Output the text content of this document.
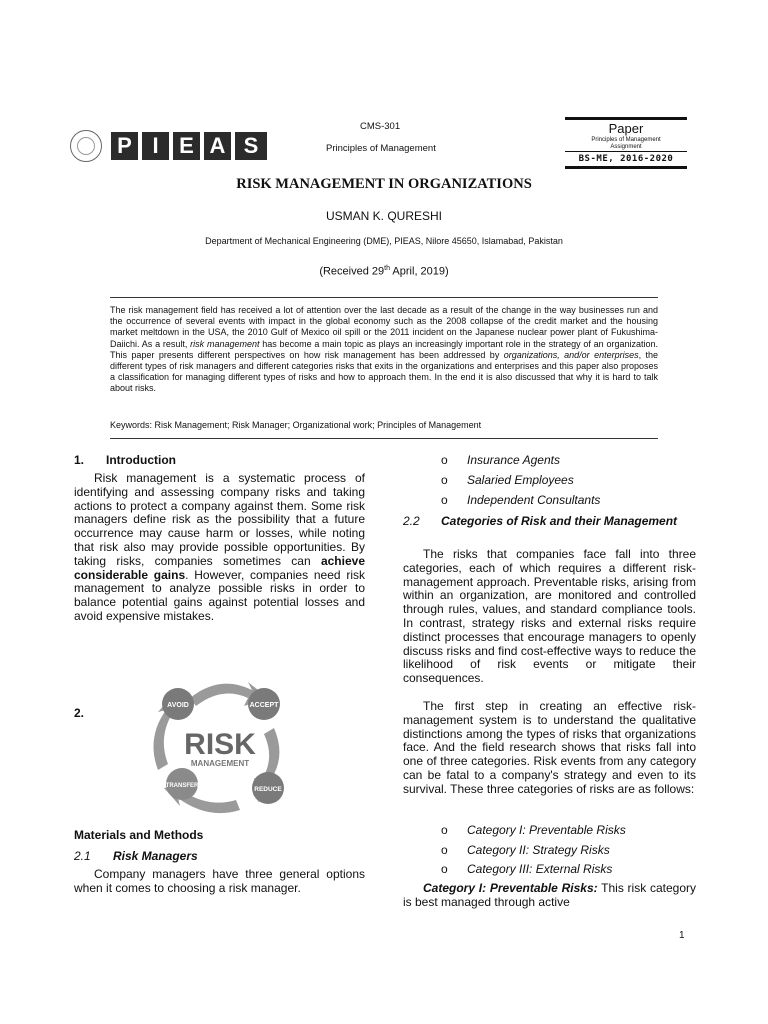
P I E A S
CMS-301
Principles of Management
Paper
Principles of Management
Assignment
BS-ME, 2016-2020
RISK MANAGEMENT IN ORGANIZATIONS
USMAN K. QURESHI
Department of Mechanical Engineering (DME), PIEAS, Nilore 45650, Islamabad, Pakistan
(Received 29th April, 2019)
The risk management field has received a lot of attention over the last decade as a result of the change in the way businesses run and the occurrence of several events with impact in the global economy such as the 2008 collapse of the credit market and the housing market meltdown in the USA, the 2010 Gulf of Mexico oil spill or the 2011 incident on the Japanese nuclear power plant of Fukushima-Daiichi. As a result, risk management has become a main topic as plays an increasingly important role in the strategy of an organization. This paper presents different perspectives on how risk management has been addressed by organizations, and/or enterprises, the different types of risk managers and different categories risks that exits in the organizations and enterprises and this paper also proposes a classification for managing different types of risks and how to approach them. In the end it is also discussed that why it is hard to talk about risks.
Keywords: Risk Management; Risk Manager; Organizational work; Principles of Management
1. Introduction
Risk management is a systematic process of identifying and assessing company risks and taking actions to protect a company against them. Some risk managers define risk as the possibility that a future occurrence may cause harm or losses, while noting that risk also may provide possible opportunities. By taking risks, companies sometimes can achieve considerable gains. However, companies need risk management to analyze possible risks in order to balance potential gains against potential losses and avoid expensive mistakes.
2.
AVOID	ACCEPT
REDUCE
TRANSFER
RISK
MANAGEMENT
Materials and Methods
2.1 Risk Managers
Company managers have three general options when it comes to choosing a risk manager.
o Insurance Agents
o Salaried Employees
o Independent Consultants
2.2 Categories of Risk and their Management
The risks that companies face fall into three categories, each of which requires a different risk-management approach. Preventable risks, arising from within an organization, are monitored and controlled through rules, values, and standard compliance tools. In contrast, strategy risks and external risks require distinct processes that encourage managers to openly discuss risks and find cost-effective ways to reduce the likelihood of risk events or mitigate their consequences.
The first step in creating an effective risk-management system is to understand the qualitative distinctions among the types of risks that organizations face. And the field research shows that risks fall into one of three categories. Risk events from any category can be fatal to a company's strategy and even to its survival. These three categories of risks are as follows:
o Category I: Preventable Risks
o Category II: Strategy Risks
o Category III: External Risks
Category I: Preventable Risks: This risk category is best managed through active
1
